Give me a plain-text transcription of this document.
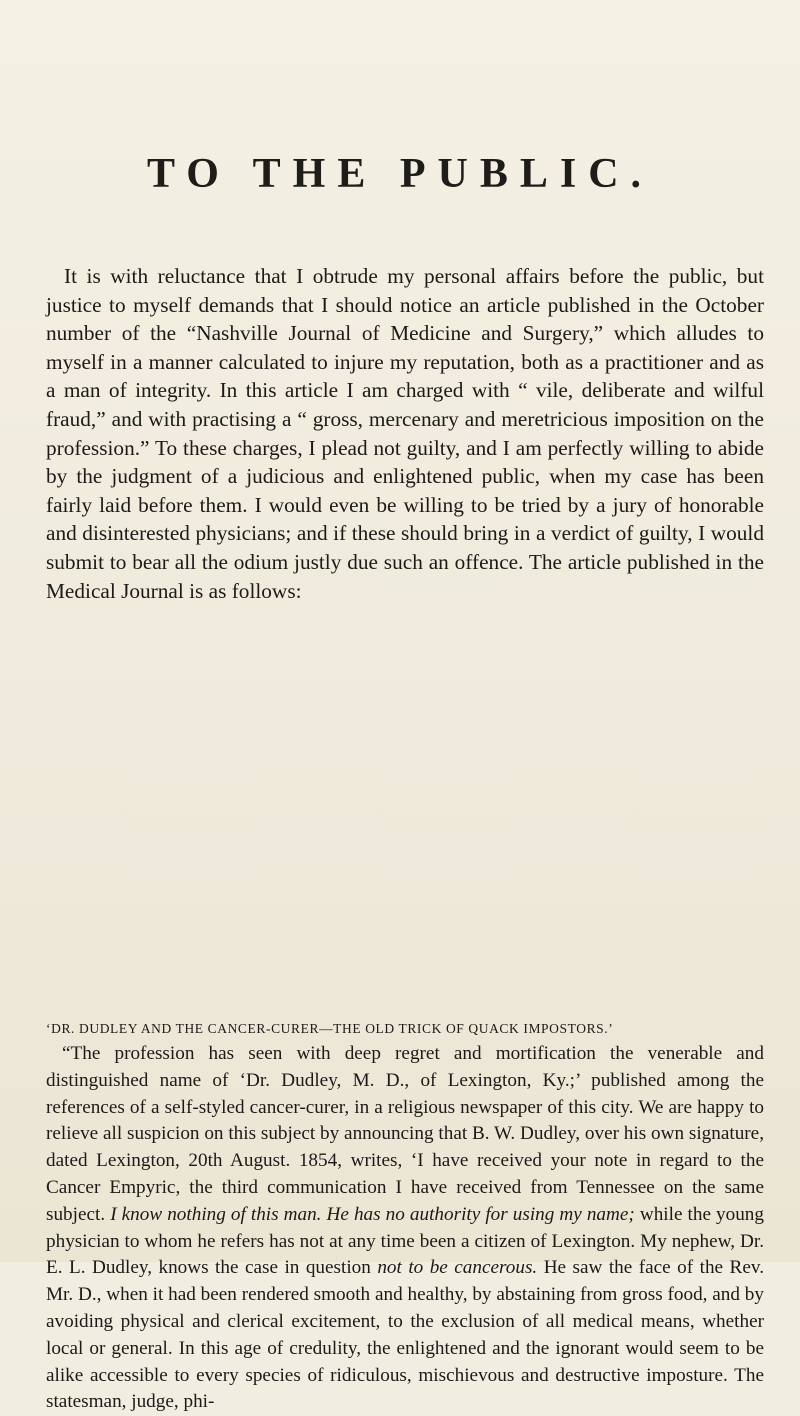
TO THE PUBLIC.

It is with reluctance that I obtrude my personal affairs before the public, but justice to myself demands that I should notice an article published in the October number of the “Nashville Journal of Medicine and Surgery,” which alludes to myself in a manner calculated to injure my reputation, both as a practitioner and as a man of integrity. In this article I am charged with “ vile, deliberate and wilful fraud,” and with practising a “ gross, mercenary and meretricious imposition on the profession.” To these charges, I plead not guilty, and I am perfectly willing to abide by the judgment of a judicious and enlightened public, when my case has been fairly laid before them. I would even be willing to be tried by a jury of honorable and disinterested physicians; and if these should bring in a verdict of guilty, I would submit to bear all the odium justly due such an offence. The article published in the Medical Journal is as follows:

‘DR. DUDLEY AND THE CANCER-CURER—THE OLD TRICK OF QUACK IMPOSTORS.’

“The profession has seen with deep regret and mortification the venerable and distinguished name of ‘Dr. Dudley, M. D., of Lexington, Ky.;’ published among the references of a self-styled cancer-curer, in a religious newspaper of this city. We are happy to relieve all suspicion on this subject by announcing that B. W. Dudley, over his own signature, dated Lexington, 20th August. 1854, writes, ‘I have received your note in regard to the Cancer Empyric, the third communication I have received from Tennessee on the same subject. I know nothing of this man. He has no authority for using my name; while the young physician to whom he refers has not at any time been a citizen of Lexington. My nephew, Dr. E. L. Dudley, knows the case in question not to be cancerous. He saw the face of the Rev. Mr. D., when it had been rendered smooth and healthy, by abstaining from gross food, and by avoiding physical and clerical excitement, to the exclusion of all medical means, whether local or general. In this age of credulity, the enlightened and the ignorant would seem to be alike accessible to every species of ridiculous, mischievous and destructive imposture. The statesman, judge, phi-
